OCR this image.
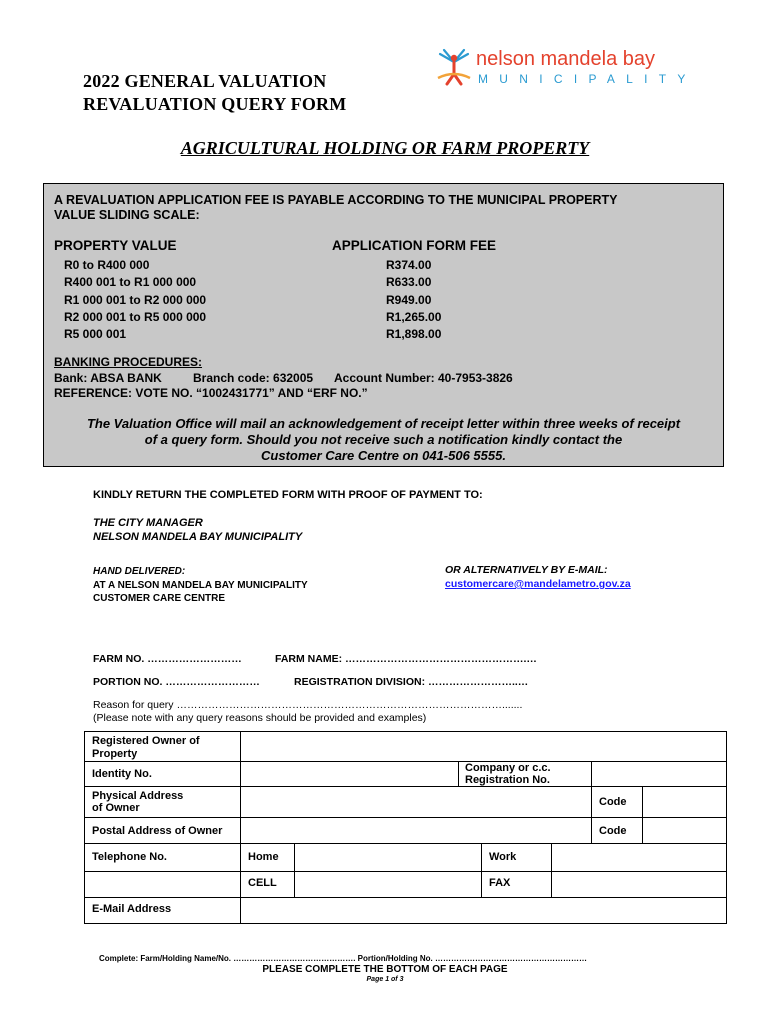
2022 GENERAL VALUATION
REVALUATION QUERY FORM
nelson mandela bay
MUNICIPALITY
AGRICULTURAL HOLDING OR FARM PROPERTY
A REVALUATION APPLICATION FEE IS PAYABLE ACCORDING TO THE MUNICIPAL PROPERTY
VALUE SLIDING SCALE:
PROPERTY VALUE	APPLICATION FORM FEE
R0 to R400 000	R374.00
R400 001 to R1 000 000	R633.00
R1 000 001 to R2 000 000	R949.00
R2 000 001 to R5 000 000	R1,265.00
R5 000 001	R1,898.00
BANKING PROCEDURES:
Bank: ABSA BANK	Branch code: 632005 Account Number: 40-7953-3826
REFERENCE: VOTE NO. “1002431771” AND “ERF NO.”
The Valuation Office will mail an acknowledgement of receipt letter within three weeks of receipt
of a query form. Should you not receive such a notification kindly contact the
Customer Care Centre on 041-506 5555.
KINDLY RETURN THE COMPLETED FORM WITH PROOF OF PAYMENT TO:
THE CITY MANAGER
NELSON MANDELA BAY MUNICIPALITY
HAND DELIVERED:
AT A NELSON MANDELA BAY MUNICIPALITY
CUSTOMER CARE CENTRE
OR ALTERNATIVELY BY E-MAIL:
customercare@mandelametro.gov.za
FARM NO. ………………………	FARM NAME: …………………………………………….…
PORTION NO. ………………………	REGISTRATION DIVISION: ……………………..…
Reason for query ………………………………………………………………………………….......
(Please note with any query reasons should be provided and examples)
Registered Owner of
Property
Identity No.	Company or c.c.
Registration No.
Physical Address
of Owner	Code
Postal Address of Owner	Code
Telephone No.	Home	Work
CELL	FAX
E-Mail Address
Complete: Farm/Holding Name/No. ………………………………………. Portion/Holding No. …………………………………………………
PLEASE COMPLETE THE BOTTOM OF EACH PAGE
Page 1 of 3
